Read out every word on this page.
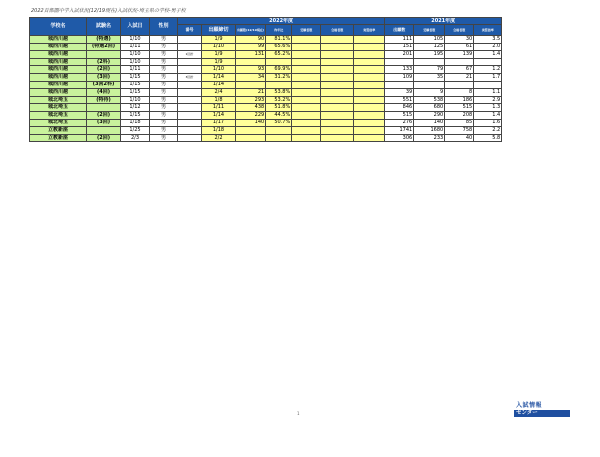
2022首都圏中学入試状況(12/19現在)入試状況-埼玉県の学校-男子校
学校名	試験名	入試日	性別	2022年度							2021年度			
				番号	出願締切	出願数(12/19現在)	昨年比	受験者数	合格者数	実質倍率	出願数	受験者数	合格者数	実質倍率
城西川越	(特選)	1/10	男		1/9	90	81.1%				111	105	30	3.5
城西川越	(特選2回)	1/11	男		1/10	99	65.6%				151	125	61	2.0
城西川越		1/10	男	1回計	1/9	131	65.2%				201	195	139	1.4
城西川越	(2科)	1/10	男		1/9									
城西川越	(2回)	1/11	男		1/10	93	69.9%				133	79	67	1.2
城西川越	(3回)	1/15	男	3回計	1/14	34	31.2%				109	35	21	1.7
城西川越	(3回2科)	1/15	男		1/14									
城西川越	(4回)	1/15	男		2/4	21	53.8%				39	9	8	1.1
城北埼玉	(特待)	1/10	男		1/8	293	53.2%				551	538	186	2.9
城北埼玉		1/12	男		1/11	438	51.8%				846	680	515	1.3
城北埼玉	(2回)	1/15	男		1/14	229	44.5%				515	290	208	1.4
城北埼玉	(3回)	1/18	男		1/17	140	50.7%				276	140	85	1.6
立教新座		1/25	男		1/18						1741	1680	758	2.2
立教新座	(2回)	2/3	男		2/2						306	233	40	5.8
1
入試情報
センター
